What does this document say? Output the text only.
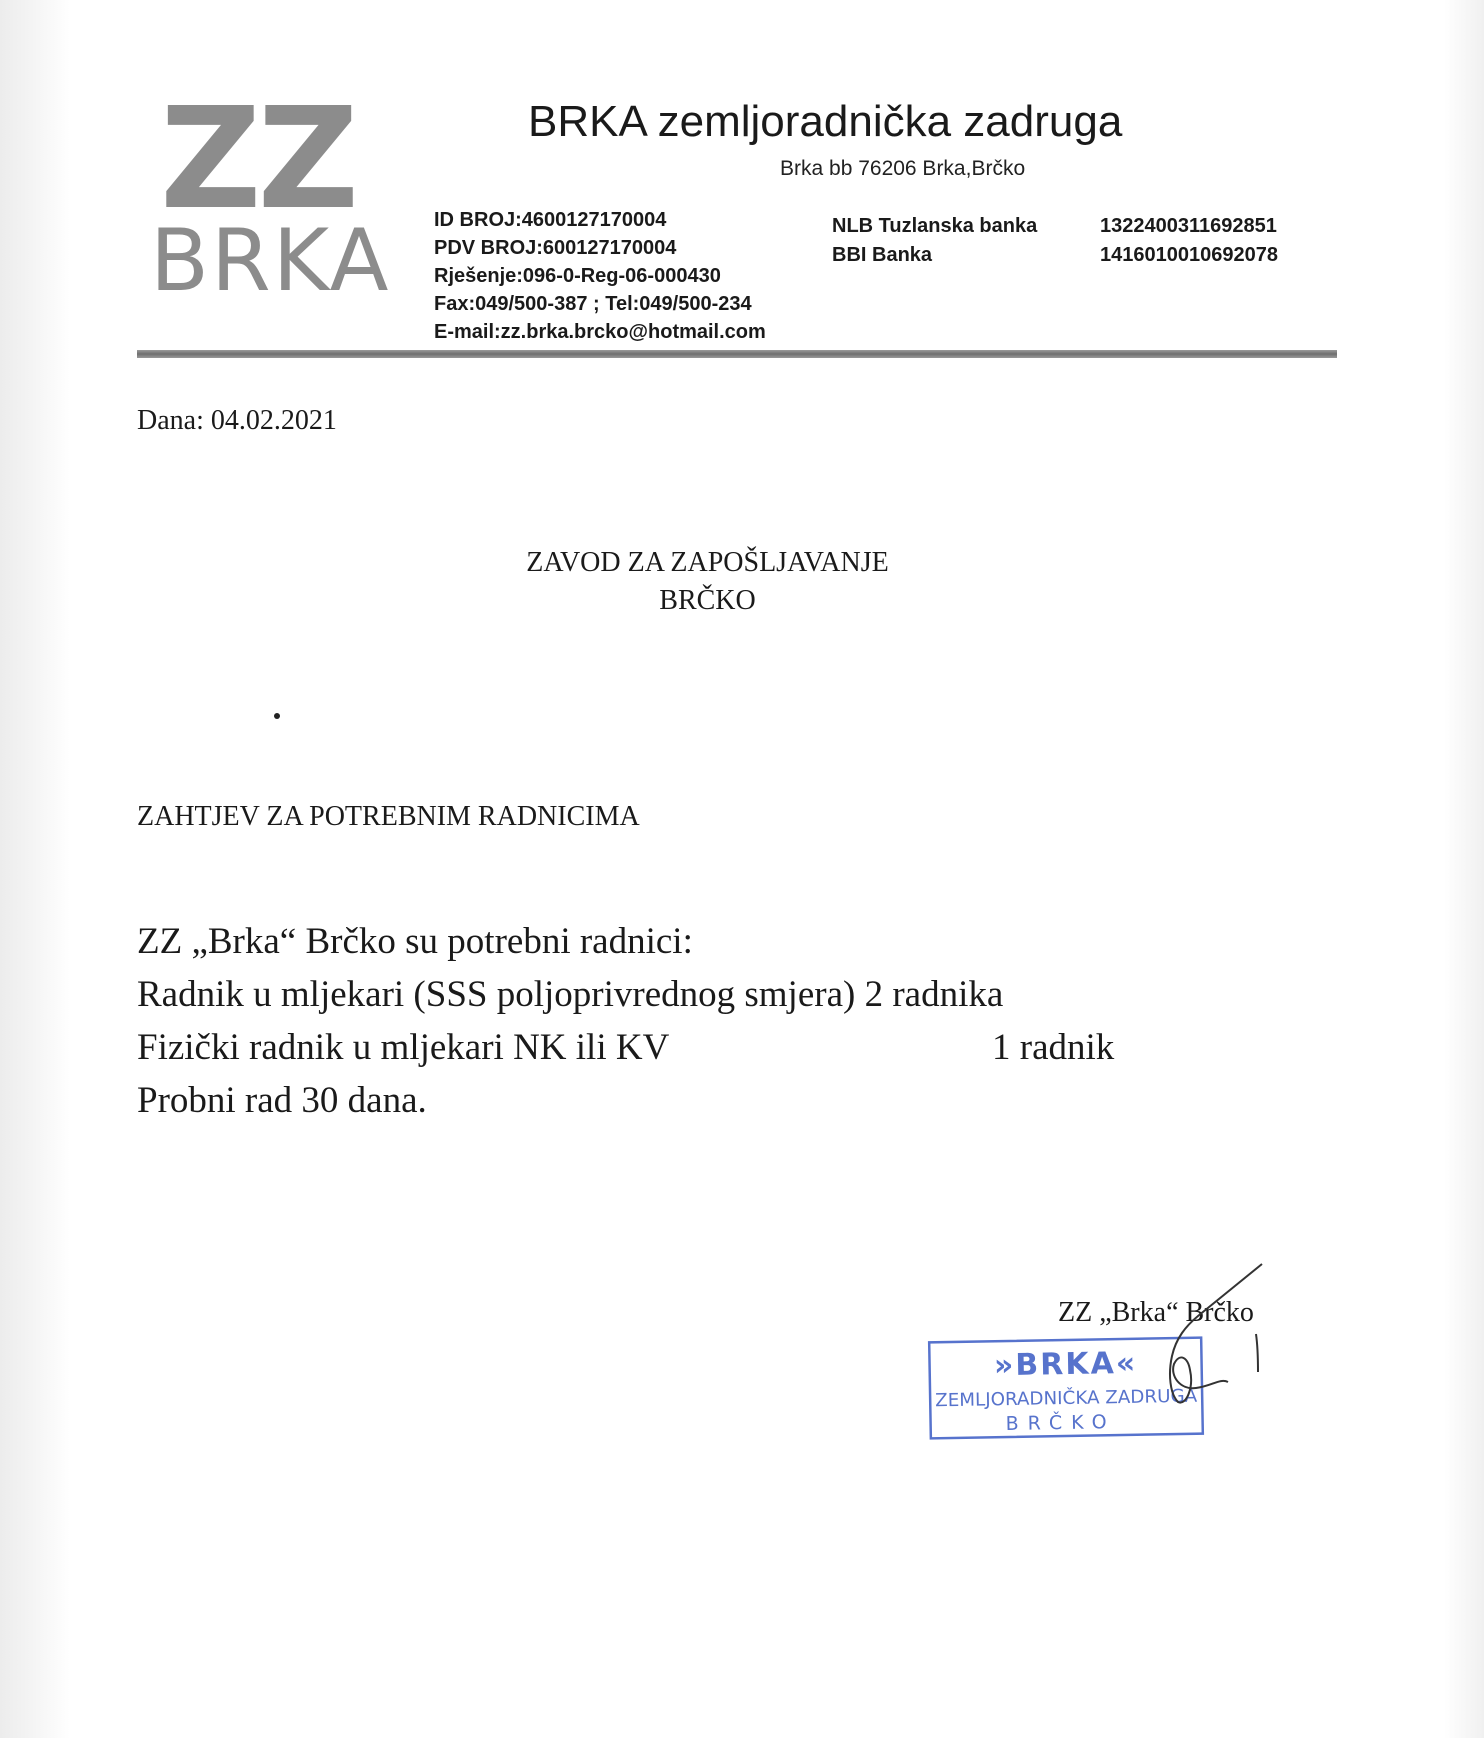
ZZ
BRKA
BRKA zemljoradnička zadruga
Brka bb 76206 Brka,Brčko
ID BROJ:4600127170004
PDV BROJ:600127170004
Rješenje:096-0-Reg-06-000430
Fax:049/500-387 ; Tel:049/500-234
E-mail:zz.brka.brcko@hotmail.com
NLB Tuzlanska banka	1322400311692851
BBI Banka	1416010010692078
Dana: 04.02.2021
ZAVOD ZA ZAPOŠLJAVANJE
BRČKO
ZAHTJEV ZA POTREBNIM RADNICIMA
ZZ „Brka“ Brčko su potrebni radnici:
Radnik u mljekari (SSS poljoprivrednog smjera) 2 radnika
Fizički radnik u mljekari NK ili KV	1 radnik
Probni rad 30 dana.
ZZ „Brka“ Brčko
»BRKA«
ZEMLJORADNIČKA ZADRUGA
BRČKO
